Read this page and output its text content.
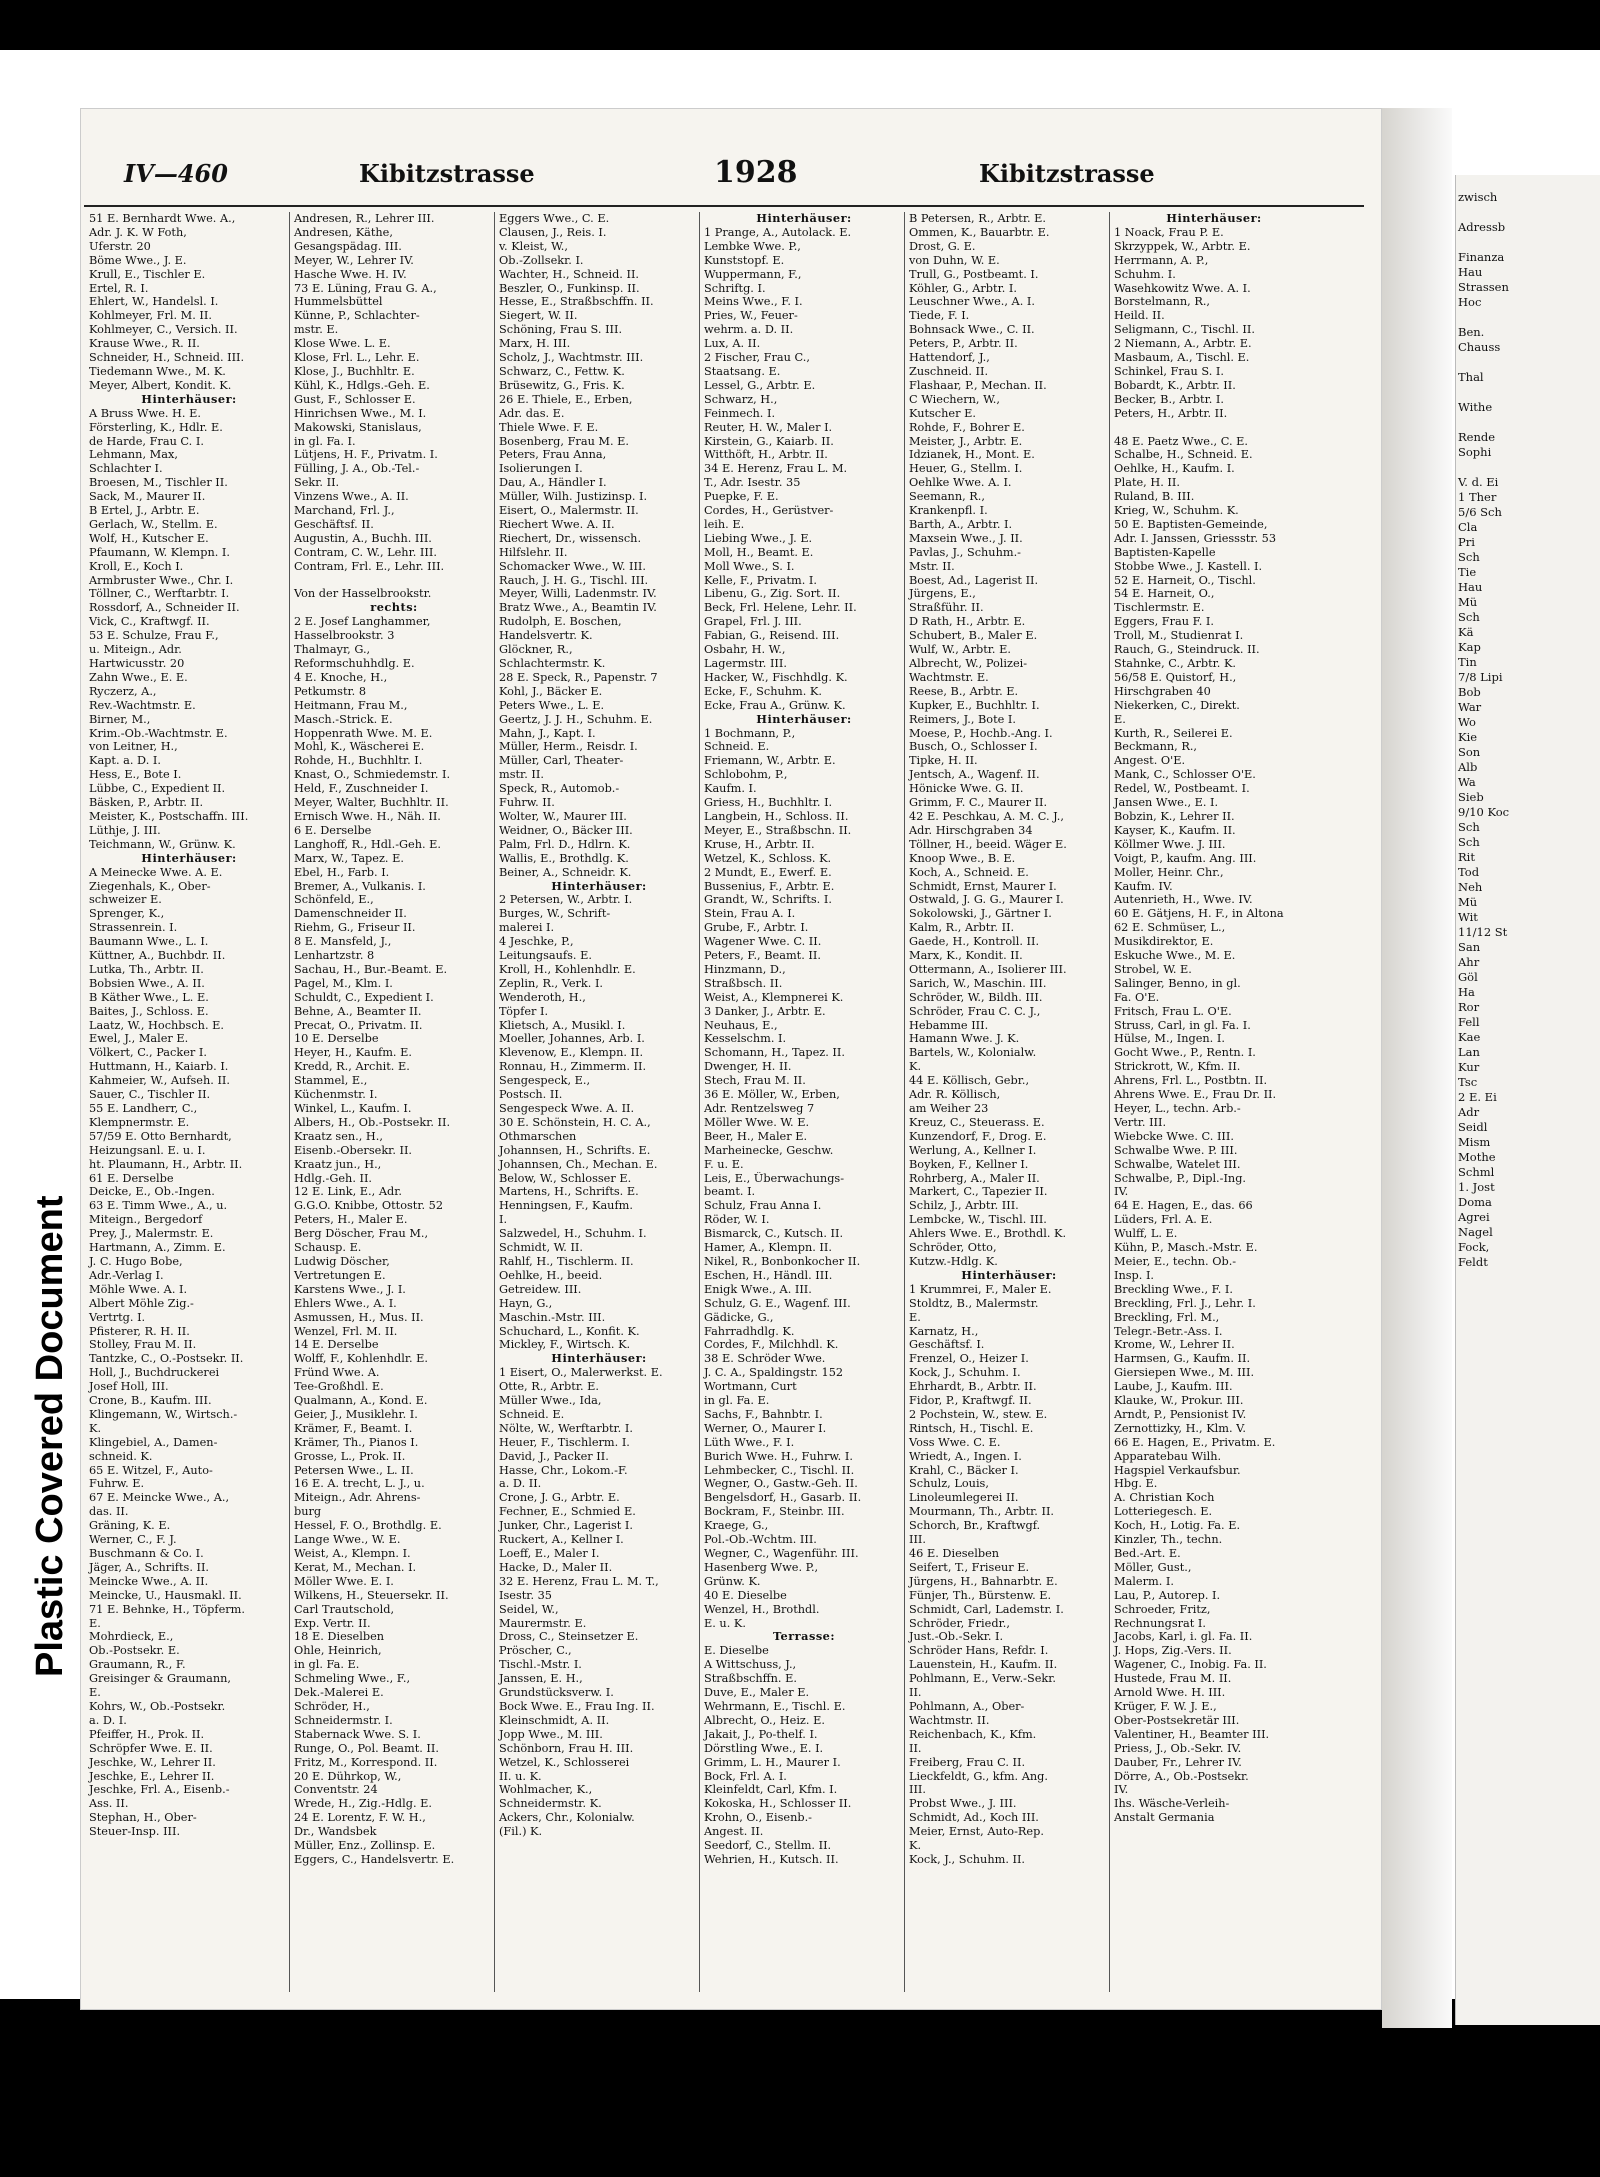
Plastic Covered Document
IV—460	Kibitzstrasse	1928	Kibitzstrasse
51 E. Bernhardt Wwe. A.,
Adr. J. K. W Foth,
Uferstr. 20
Böme Wwe., J. E.
Krull, E., Tischler E.
Ertel, R. I.
Ehlert, W., Handelsl. I.
Kohlmeyer, Frl. M. II.
Kohlmeyer, C., Versich. II.
Krause Wwe., R. II.
Schneider, H., Schneid. III.
Tiedemann Wwe., M. K.
Meyer, Albert, Kondit. K.
Hinterhäuser:
A Bruss Wwe. H. E.
Försterling, K., Hdlr. E.
de Harde, Frau C. I.
Lehmann, Max,
Schlachter I.
Broesen, M., Tischler II.
Sack, M., Maurer II.
B Ertel, J., Arbtr. E.
Gerlach, W., Stellm. E.
Wolf, H., Kutscher E.
Pfaumann, W. Klempn. I.
Kroll, E., Koch I.
Armbruster Wwe., Chr. I.
Töllner, C., Werftarbtr. I.
Rossdorf, A., Schneider II.
Vick, C., Kraftwgf. II.
53 E. Schulze, Frau F.,
u. Miteign., Adr.
Hartwicusstr. 20
Zahn Wwe., E. E.
Ryczerz, A.,
Rev.-Wachtmstr. E.
Birner, M.,
Krim.-Ob.-Wachtmstr. E.
von Leitner, H.,
Kapt. a. D. I.
Hess, E., Bote I.
Lübbe, C., Expedient II.
Bäsken, P., Arbtr. II.
Meister, K., Postschaffn. III.
Lüthje, J. III.
Teichmann, W., Grünw. K.
Hinterhäuser:
A Meinecke Wwe. A. E.
Ziegenhals, K., Ober-
schweizer E.
Sprenger, K.,
Strassenrein. I.
Baumann Wwe., L. I.
Küttner, A., Buchbdr. II.
Lutka, Th., Arbtr. II.
Bobsien Wwe., A. II.
B Käther Wwe., L. E.
Baites, J., Schloss. E.
Laatz, W., Hochbsch. E.
Ewel, J., Maler E.
Völkert, C., Packer I.
Huttmann, H., Kaiarb. I.
Kahmeier, W., Aufseh. II.
Sauer, C., Tischler II.
55 E. Landherr, C.,
Klempnermstr. E.
57/59 E. Otto Bernhardt,
Heizungsanl. E. u. I.
ht. Plaumann, H., Arbtr. II.
61 E. Derselbe
Deicke, E., Ob.-Ingen.
63 E. Timm Wwe., A., u.
Miteign., Bergedorf
Prey, J., Malermstr. E.
Hartmann, A., Zimm. E.
J. C. Hugo Bobe,
Adr.-Verlag I.
Möhle Wwe. A. I.
Albert Möhle Zig.-
Vertrtg. I.
Pfisterer, R. H. II.
Stolley, Frau M. II.
Tantzke, C., O.-Postsekr. II.
Holl, J., Buchdruckerei
Josef Holl, III.
Crone, B., Kaufm. III.
Klingemann, W., Wirtsch.-
K.
Klingebiel, A., Damen-
schneid. K.
65 E. Witzel, F., Auto-
Fuhrw. E.
67 E. Meincke Wwe., A.,
das. II.
Gräning, K. E.
Werner, C., F. J.
Buschmann & Co. I.
Jäger, A., Schrifts. II.
Meincke Wwe., A. II.
Meincke, U., Hausmakl. II.
71 E. Behnke, H., Töpferm.
E.
Mohrdieck, E.,
Ob.-Postsekr. E.
Graumann, R., F.
Greisinger & Graumann,
E.
Kohrs, W., Ob.-Postsekr.
a. D. I.
Pfeiffer, H., Prok. II.
Schröpfer Wwe. E. II.
Jeschke, W., Lehrer II.
Jeschke, E., Lehrer II.
Jeschke, Frl. A., Eisenb.-
Ass. II.
Stephan, H., Ober-
Steuer-Insp. III.
Andresen, R., Lehrer III.
Andresen, Käthe,
Gesangspädag. III.
Meyer, W., Lehrer IV.
Hasche Wwe. H. IV.
73 E. Lüning, Frau G. A.,
Hummelsbüttel
Künne, P., Schlachter-
mstr. E.
Klose Wwe. L. E.
Klose, Frl. L., Lehr. E.
Klose, J., Buchhltr. E.
Kühl, K., Hdlgs.-Geh. E.
Gust, F., Schlosser E.
Hinrichsen Wwe., M. I.
Makowski, Stanislaus,
in gl. Fa. I.
Lütjens, H. F., Privatm. I.
Fülling, J. A., Ob.-Tel.-
Sekr. II.
Vinzens Wwe., A. II.
Marchand, Frl. J.,
Geschäftsf. II.
Augustin, A., Buchh. III.
Contram, C. W., Lehr. III.
Contram, Frl. E., Lehr. III.

Von der Hasselbrookstr.
rechts:
2 E. Josef Langhammer,
Hasselbrookstr. 3
Thalmayr, G.,
Reformschuhhdlg. E.
4 E. Knoche, H.,
Petkumstr. 8
Heitmann, Frau M.,
Masch.-Strick. E.
Hoppenrath Wwe. M. E.
Mohl, K., Wäscherei E.
Rohde, H., Buchhltr. I.
Knast, O., Schmiedemstr. I.
Held, F., Zuschneider I.
Meyer, Walter, Buchhltr. II.
Ernisch Wwe. H., Näh. II.
6 E. Derselbe
Langhoff, R., Hdl.-Geh. E.
Marx, W., Tapez. E.
Ebel, H., Farb. I.
Bremer, A., Vulkanis. I.
Schönfeld, E.,
Damenschneider II.
Riehm, G., Friseur II.
8 E. Mansfeld, J.,
Lenhartzstr. 8
Sachau, H., Bur.-Beamt. E.
Pagel, M., Klm. I.
Schuldt, C., Expedient I.
Behne, A., Beamter II.
Precat, O., Privatm. II.
10 E. Derselbe
Heyer, H., Kaufm. E.
Kredd, R., Archit. E.
Stammel, E.,
Küchenmstr. I.
Winkel, L., Kaufm. I.
Albers, H., Ob.-Postsekr. II.
Kraatz sen., H.,
Eisenb.-Obersekr. II.
Kraatz jun., H.,
Hdlg.-Geh. II.
12 E. Link, E., Adr.
G.G.O. Knibbe, Ottostr. 52
Peters, H., Maler E.
Berg Döscher, Frau M.,
Schausp. E.
Ludwig Döscher,
Vertretungen E.
Karstens Wwe., J. I.
Ehlers Wwe., A. I.
Asmussen, H., Mus. II.
Wenzel, Frl. M. II.
14 E. Derselbe
Wolff, F., Kohlenhdlr. E.
Fründ Wwe. A.
Tee-Großhdl. E.
Qualmann, A., Kond. E.
Geier, J., Musiklehr. I.
Krämer, F., Beamt. I.
Krämer, Th., Pianos I.
Grosse, L., Prok. II.
Petersen Wwe., L. II.
16 E. A. trecht, L. J., u.
Miteign., Adr. Ahrens-
burg
Hessel, F. O., Brothdlg. E.
Lange Wwe., W. E.
Weist, A., Klempn. I.
Kerat, M., Mechan. I.
Möller Wwe. E. I.
Wilkens, H., Steuersekr. II.
Carl Trautschold,
Exp. Vertr. II.
18 E. Dieselben
Ohle, Heinrich,
in gl. Fa. E.
Schmeling Wwe., F.,
Dek.-Malerei E.
Schröder, H.,
Schneidermstr. I.
Stabernack Wwe. S. I.
Runge, O., Pol. Beamt. II.
Fritz, M., Korrespond. II.
20 E. Dührkop, W.,
Conventstr. 24
Wrede, H., Zig.-Hdlg. E.
24 E. Lorentz, F. W. H.,
Dr., Wandsbek
Müller, Enz., Zollinsp. E.
Eggers, C., Handelsvertr. E.
Eggers Wwe., C. E.
Clausen, J., Reis. I.
v. Kleist, W.,
Ob.-Zollsekr. I.
Wachter, H., Schneid. II.
Beszler, O., Funkinsp. II.
Hesse, E., Straßbschffn. II.
Siegert, W. II.
Schöning, Frau S. III.
Marx, H. III.
Scholz, J., Wachtmstr. III.
Schwarz, C., Fettw. K.
Brüsewitz, G., Fris. K.
26 E. Thiele, E., Erben,
Adr. das. E.
Thiele Wwe. F. E.
Bosenberg, Frau M. E.
Peters, Frau Anna,
Isolierungen I.
Dau, A., Händler I.
Müller, Wilh. Justizinsp. I.
Eisert, O., Malermstr. II.
Riechert Wwe. A. II.
Riechert, Dr., wissensch.
Hilfslehr. II.
Schomacker Wwe., W. III.
Rauch, J. H. G., Tischl. III.
Meyer, Willi, Ladenmstr. IV.
Bratz Wwe., A., Beamtin IV.
Rudolph, E. Boschen,
Handelsvertr. K.
Glöckner, R.,
Schlachtermstr. K.
28 E. Speck, R., Papenstr. 7
Kohl, J., Bäcker E.
Peters Wwe., L. E.
Geertz, J. J. H., Schuhm. E.
Mahn, J., Kapt. I.
Müller, Herm., Reisdr. I.
Müller, Carl, Theater-
mstr. II.
Speck, R., Automob.-
Fuhrw. II.
Wolter, W., Maurer III.
Weidner, O., Bäcker III.
Palm, Frl. D., Hdlrn. K.
Wallis, E., Brothdlg. K.
Beiner, A., Schneidr. K.
Hinterhäuser:
2 Petersen, W., Arbtr. I.
Burges, W., Schrift-
malerei I.
4 Jeschke, P.,
Leitungsaufs. E.
Kroll, H., Kohlenhdlr. E.
Zeplin, R., Verk. I.
Wenderoth, H.,
Töpfer I.
Klietsch, A., Musikl. I.
Moeller, Johannes, Arb. I.
Klevenow, E., Klempn. II.
Ronnau, H., Zimmerm. II.
Sengespeck, E.,
Postsch. II.
Sengespeck Wwe. A. II.
30 E. Schönstein, H. C. A.,
Othmarschen
Johannsen, H., Schrifts. E.
Johannsen, Ch., Mechan. E.
Below, W., Schlosser E.
Martens, H., Schrifts. E.
Henningsen, F., Kaufm.
I.
Salzwedel, H., Schuhm. I.
Schmidt, W. II.
Rahlf, H., Tischlerm. II.
Oehlke, H., beeid.
Getreidew. III.
Hayn, G.,
Maschin.-Mstr. III.
Schuchard, L., Konfit. K.
Mickley, F., Wirtsch. K.
Hinterhäuser:
1 Eisert, O., Malerwerkst. E.
Otte, R., Arbtr. E.
Müller Wwe., Ida,
Schneid. E.
Nölte, W., Werftarbtr. I.
Heuer, F., Tischlerm. I.
David, J., Packer II.
Hasse, Chr., Lokom.-F.
a. D. II.
Crone, J. G., Arbtr. E.
Fechner, E., Schmied E.
Junker, Chr., Lagerist I.
Ruckert, A., Kellner I.
Loeff, E., Maler I.
Hacke, D., Maler II.
32 E. Herenz, Frau L. M. T.,
Isestr. 35
Seidel, W.,
Maurermstr. E.
Dross, C., Steinsetzer E.
Pröscher, C.,
Tischl.-Mstr. I.
Janssen, E. H.,
Grundstücksverw. I.
Bock Wwe. E., Frau Ing. II.
Kleinschmidt, A. II.
Jopp Wwe., M. III.
Schönborn, Frau H. III.
Wetzel, K., Schlosserei
II. u. K.
Wohlmacher, K.,
Schneidermstr. K.
Ackers, Chr., Kolonialw.
(Fil.) K.
Hinterhäuser:
1 Prange, A., Autolack. E.
Lembke Wwe. P.,
Kunststopf. E.
Wuppermann, F.,
Schriftg. I.
Meins Wwe., F. I.
Pries, W., Feuer-
wehrm. a. D. II.
Lux, A. II.
2 Fischer, Frau C.,
Staatsang. E.
Lessel, G., Arbtr. E.
Schwarz, H.,
Feinmech. I.
Reuter, H. W., Maler I.
Kirstein, G., Kaiarb. II.
Witthöft, H., Arbtr. II.
34 E. Herenz, Frau L. M.
T., Adr. Isestr. 35
Puepke, F. E.
Cordes, H., Gerüstver-
leih. E.
Liebing Wwe., J. E.
Moll, H., Beamt. E.
Moll Wwe., S. I.
Kelle, F., Privatm. I.
Libenu, G., Zig. Sort. II.
Beck, Frl. Helene, Lehr. II.
Grapel, Frl. J. III.
Fabian, G., Reisend. III.
Osbahr, H. W.,
Lagermstr. III.
Hacker, W., Fischhdlg. K.
Ecke, F., Schuhm. K.
Ecke, Frau A., Grünw. K.
Hinterhäuser:
1 Bochmann, P.,
Schneid. E.
Friemann, W., Arbtr. E.
Schlobohm, P.,
Kaufm. I.
Griess, H., Buchhltr. I.
Langbein, H., Schloss. II.
Meyer, E., Straßbschn. II.
Kruse, H., Arbtr. II.
Wetzel, K., Schloss. K.
2 Mundt, E., Ewerf. E.
Bussenius, F., Arbtr. E.
Grandt, W., Schrifts. I.
Stein, Frau A. I.
Grube, F., Arbtr. I.
Wagener Wwe. C. II.
Peters, F., Beamt. II.
Hinzmann, D.,
Straßbsch. II.
Weist, A., Klempnerei K.
3 Danker, J., Arbtr. E.
Neuhaus, E.,
Kesselschm. I.
Schomann, H., Tapez. II.
Dwenger, H. II.
Stech, Frau M. II.
36 E. Möller, W., Erben,
Adr. Rentzelsweg 7
Möller Wwe. W. E.
Beer, H., Maler E.
Marheinecke, Geschw.
F. u. E.
Leis, E., Überwachungs-
beamt. I.
Schulz, Frau Anna I.
Röder, W. I.
Bismarck, C., Kutsch. II.
Hamer, A., Klempn. II.
Nikel, R., Bonbonkocher II.
Eschen, H., Händl. III.
Enigk Wwe., A. III.
Schulz, G. E., Wagenf. III.
Gädicke, G.,
Fahrradhdlg. K.
Cordes, F., Milchhdl. K.
38 E. Schröder Wwe.
J. C. A., Spaldingstr. 152
Wortmann, Curt
in gl. Fa. E.
Sachs, F., Bahnbtr. I.
Werner, O., Maurer I.
Lüth Wwe., F. I.
Burich Wwe. H., Fuhrw. I.
Lehmbecker, C., Tischl. II.
Wegner, O., Gastw.-Geh. II.
Bengelsdorf, H., Gasarb. II.
Bockram, F., Steinbr. III.
Kraege, G.,
Pol.-Ob.-Wchtm. III.
Wegner, C., Wagenführ. III.
Hasenberg Wwe. P.,
Grünw. K.
40 E. Dieselbe
Wenzel, H., Brothdl.
E. u. K.
Terrasse:
E. Dieselbe
A Wittschuss, J.,
Straßbschffn. E.
Duve, E., Maler E.
Wehrmann, E., Tischl. E.
Albrecht, O., Heiz. E.
Jakait, J., Po-thelf. I.
Dörstling Wwe., E. I.
Grimm, L. H., Maurer I.
Bock, Frl. A. I.
Kleinfeldt, Carl, Kfm. I.
Kokoska, H., Schlosser II.
Krohn, O., Eisenb.-
Angest. II.
Seedorf, C., Stellm. II.
Wehrien, H., Kutsch. II.
B Petersen, R., Arbtr. E.
Ommen, K., Bauarbtr. E.
Drost, G. E.
von Duhn, W. E.
Trull, G., Postbeamt. I.
Köhler, G., Arbtr. I.
Leuschner Wwe., A. I.
Tiede, F. I.
Bohnsack Wwe., C. II.
Peters, P., Arbtr. II.
Hattendorf, J.,
Zuschneid. II.
Flashaar, P., Mechan. II.
C Wiechern, W.,
Kutscher E.
Rohde, F., Bohrer E.
Meister, J., Arbtr. E.
Idzianek, H., Mont. E.
Heuer, G., Stellm. I.
Oehlke Wwe. A. I.
Seemann, R.,
Krankenpfl. I.
Barth, A., Arbtr. I.
Maxsein Wwe., J. II.
Pavlas, J., Schuhm.-
Mstr. II.
Boest, Ad., Lagerist II.
Jürgens, E.,
Straßführ. II.
D Rath, H., Arbtr. E.
Schubert, B., Maler E.
Wulf, W., Arbtr. E.
Albrecht, W., Polizei-
Wachtmstr. E.
Reese, B., Arbtr. E.
Kupker, E., Buchhltr. I.
Reimers, J., Bote I.
Moese, P., Hochb.-Ang. I.
Busch, O., Schlosser I.
Tipke, H. II.
Jentsch, A., Wagenf. II.
Hönicke Wwe. G. II.
Grimm, F. C., Maurer II.
42 E. Peschkau, A. M. C. J.,
Adr. Hirschgraben 34
Töllner, H., beeid. Wäger E.
Knoop Wwe., B. E.
Koch, A., Schneid. E.
Schmidt, Ernst, Maurer I.
Ostwald, J. G. G., Maurer I.
Sokolowski, J., Gärtner I.
Kalm, R., Arbtr. II.
Gaede, H., Kontroll. II.
Marx, K., Kondit. II.
Ottermann, A., Isolierer III.
Sarich, W., Maschin. III.
Schröder, W., Bildh. III.
Schröder, Frau C. C. J.,
Hebamme III.
Hamann Wwe. J. K.
Bartels, W., Kolonialw.
K.
44 E. Köllisch, Gebr.,
Adr. R. Köllisch,
am Weiher 23
Kreuz, C., Steuerass. E.
Kunzendorf, F., Drog. E.
Werlung, A., Kellner I.
Boyken, F., Kellner I.
Rohrberg, A., Maler II.
Markert, C., Tapezier II.
Schilz, J., Arbtr. III.
Lembcke, W., Tischl. III.
Ahlers Wwe. E., Brothdl. K.
Schröder, Otto,
Kutzw.-Hdlg. K.
Hinterhäuser:
1 Krummrei, F., Maler E.
Stoldtz, B., Malermstr.
E.
Karnatz, H.,
Geschäftsf. I.
Frenzel, O., Heizer I.
Kock, J., Schuhm. I.
Ehrhardt, B., Arbtr. II.
Fidor, P., Kraftwgf. II.
2 Pochstein, W., stew. E.
Rintsch, H., Tischl. E.
Voss Wwe. C. E.
Wriedt, A., Ingen. I.
Krahl, C., Bäcker I.
Schulz, Louis,
Linoleumlegerei II.
Mourmann, Th., Arbtr. II.
Schorch, Br., Kraftwgf.
III.
46 E. Dieselben
Seifert, T., Friseur E.
Jürgens, H., Bahnarbtr. E.
Fünjer, Th., Bürstenw. E.
Schmidt, Carl, Lademstr. I.
Schröder, Friedr.,
Just.-Ob.-Sekr. I.
Schröder Hans, Refdr. I.
Lauenstein, H., Kaufm. II.
Pohlmann, E., Verw.-Sekr.
II.
Pohlmann, A., Ober-
Wachtmstr. II.
Reichenbach, K., Kfm.
II.
Freiberg, Frau C. II.
Lieckfeldt, G., kfm. Ang.
III.
Probst Wwe., J. III.
Schmidt, Ad., Koch III.
Meier, Ernst, Auto-Rep.
K.
Kock, J., Schuhm. II.
Hinterhäuser:
1 Noack, Frau P. E.
Skrzyppek, W., Arbtr. E.
Herrmann, A. P.,
Schuhm. I.
Wasehkowitz Wwe. A. I.
Borstelmann, R.,
Heild. II.
Seligmann, C., Tischl. II.
2 Niemann, A., Arbtr. E.
Masbaum, A., Tischl. E.
Schinkel, Frau S. I.
Bobardt, K., Arbtr. II.
Becker, B., Arbtr. I.
Peters, H., Arbtr. II.

48 E. Paetz Wwe., C. E.
Schalbe, H., Schneid. E.
Oehlke, H., Kaufm. I.
Plate, H. II.
Ruland, B. III.
Krieg, W., Schuhm. K.
50 E. Baptisten-Gemeinde,
Adr. I. Janssen, Griessstr. 53
Baptisten-Kapelle
Stobbe Wwe., J. Kastell. I.
52 E. Harneit, O., Tischl.
54 E. Harneit, O.,
Tischlermstr. E.
Eggers, Frau F. I.
Troll, M., Studienrat I.
Rauch, G., Steindruck. II.
Stahnke, C., Arbtr. K.
56/58 E. Quistorf, H.,
Hirschgraben 40
Niekerken, C., Direkt.
E.
Kurth, R., Seilerei E.
Beckmann, R.,
Angest. O'E.
Mank, C., Schlosser O'E.
Redel, W., Postbeamt. I.
Jansen Wwe., E. I.
Bobzin, K., Lehrer II.
Kayser, K., Kaufm. II.
Köllmer Wwe. J. III.
Voigt, P., kaufm. Ang. III.
Moller, Heinr. Chr.,
Kaufm. IV.
Autenrieth, H., Wwe. IV.
60 E. Gätjens, H. F., in Altona
62 E. Schmüser, L.,
Musikdirektor, E.
Eskuche Wwe., M. E.
Strobel, W. E.
Salinger, Benno, in gl.
Fa. O'E.
Fritsch, Frau L. O'E.
Struss, Carl, in gl. Fa. I.
Hülse, M., Ingen. I.
Gocht Wwe., P., Rentn. I.
Strickrott, W., Kfm. II.
Ahrens, Frl. L., Postbtn. II.
Ahrens Wwe. E., Frau Dr. II.
Heyer, L., techn. Arb.-
Vertr. III.
Wiebcke Wwe. C. III.
Schwalbe Wwe. P. III.
Schwalbe, Watelet III.
Schwalbe, P., Dipl.-Ing.
IV.
64 E. Hagen, E., das. 66
Lüders, Frl. A. E.
Wulff, L. E.
Kühn, P., Masch.-Mstr. E.
Meier, E., techn. Ob.-
Insp. I.
Breckling Wwe., F. I.
Breckling, Frl. J., Lehr. I.
Breckling, Frl. M.,
Telegr.-Betr.-Ass. I.
Krome, W., Lehrer II.
Harmsen, G., Kaufm. II.
Giersiepen Wwe., M. III.
Laube, J., Kaufm. III.
Klauke, W., Prokur. III.
Arndt, P., Pensionist IV.
Zernottizky, H., Klm. V.
66 E. Hagen, E., Privatm. E.
Apparatebau Wilh.
Hagspiel Verkaufsbur.
Hbg. E.
A. Christian Koch
Lotteriegesch. E.
Koch, H., Lotig. Fa. E.
Kinzler, Th., techn.
Bed.-Art. E.
Möller, Gust.,
Malerm. I.
Lau, P., Autorep. I.
Schroeder, Fritz,
Rechnungsrat I.
Jacobs, Karl, i. gl. Fa. II.
J. Hops, Zig.-Vers. II.
Wagener, C., Inobig. Fa. II.
Hustede, Frau M. II.
Arnold Wwe. H. III.
Krüger, F. W. J. E.,
Ober-Postsekretär III.
Valentiner, H., Beamter III.
Priess, J., Ob.-Sekr. IV.
Dauber, Fr., Lehrer IV.
Dörre, A., Ob.-Postsekr.
IV.
Ihs. Wäsche-Verleih-
Anstalt Germania

zwisch

Adressb

Finanza
Hau
Strassen
Hoc

Ben.
Chauss

Thal

Withe

Rende
Sophi

V. d. Ei
1 Ther
5/6 Sch
Cla
Pri
Sch
Tie
Hau
Mü
Sch
Kä
Kap
Tin
7/8 Lipi
Bob
War
Wo
Kie
Son
Alb
Wa
Sieb
9/10 Koc
Sch
Sch
Rit
Tod
Neh
Mü
Wit
11/12 St
San
Ahr
Göl
Ha
Ror
Fell
Kae
Lan
Kur
Tsc
2 E. Ei
Adr
Seidl
Mism
Mothe
Schml
1. Jost
Doma
Agrei
Nagel
Fock,
Feldt
